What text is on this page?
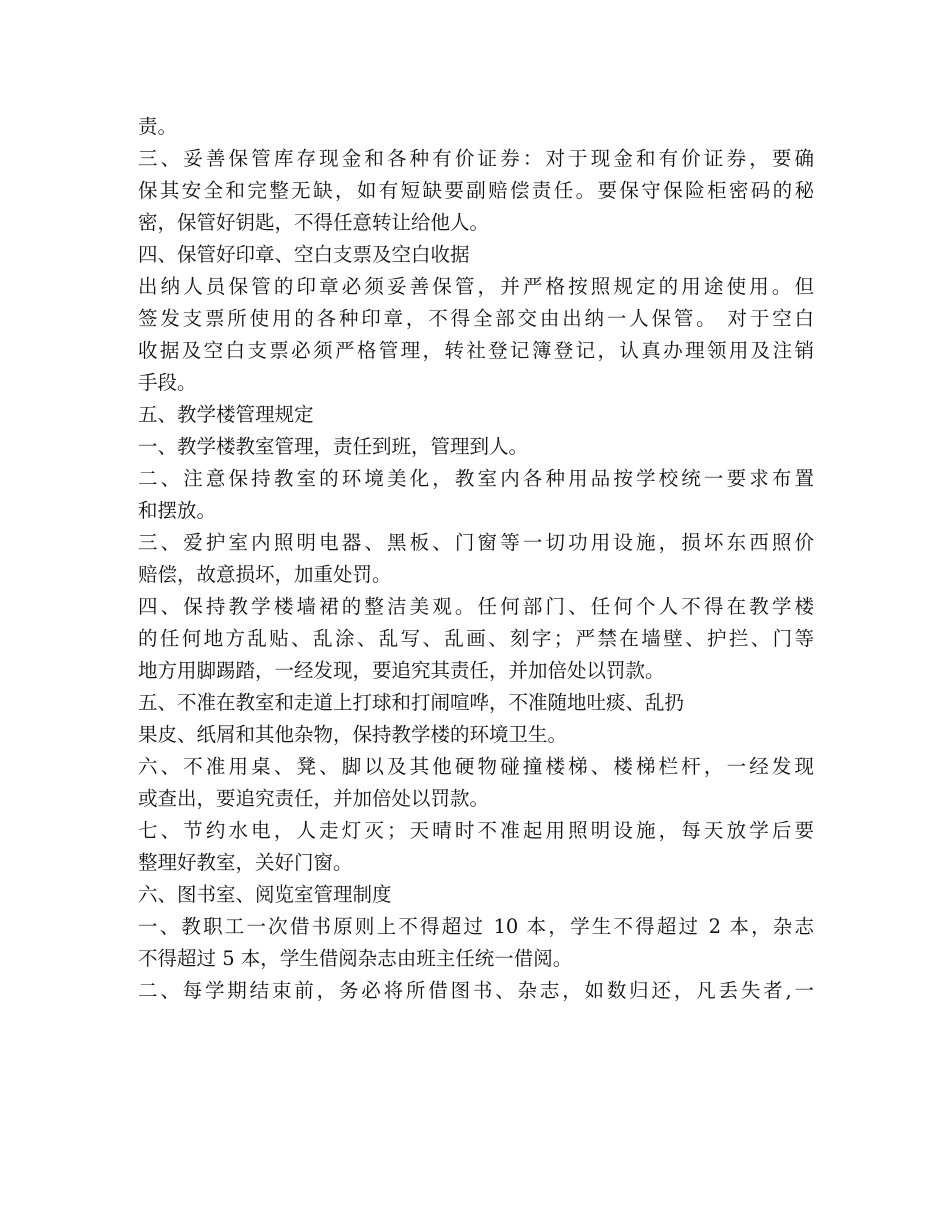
责。
三、妥善保管库存现金和各种有价证券：对于现金和有价证券，要确
保其安全和完整无缺，如有短缺要副赔偿责任。要保守保险柜密码的秘
密，保管好钥匙，不得任意转让给他人。
四、保管好印章、空白支票及空白收据
出纳人员保管的印章必须妥善保管，并严格按照规定的用途使用。但
签发支票所使用的各种印章，不得全部交由出纳一人保管。 对于空白
收据及空白支票必须严格管理，转社登记簿登记，认真办理领用及注销
手段。
五、教学楼管理规定
一、教学楼教室管理，责任到班，管理到人。
二、注意保持教室的环境美化，教室内各种用品按学校统一要求布置
和摆放。
三、爱护室内照明电器、黑板、门窗等一切功用设施，损坏东西照价
赔偿，故意损坏，加重处罚。
四、保持教学楼墙裙的整洁美观。任何部门、任何个人不得在教学楼
的任何地方乱贴、乱涂、乱写、乱画、刻字；严禁在墙壁、护拦、门等
地方用脚踢踏，一经发现，要追究其责任，并加倍处以罚款。
五、不准在教室和走道上打球和打闹喧哗，不准随地吐痰、乱扔
果皮、纸屑和其他杂物，保持教学楼的环境卫生。
六、不准用桌、凳、脚以及其他硬物碰撞楼梯、楼梯栏杆，一经发现
或查出，要追究责任，并加倍处以罚款。
七、节约水电，人走灯灭；天晴时不准起用照明设施，每天放学后要
整理好教室，关好门窗。
六、图书室、阅览室管理制度
一、教职工一次借书原则上不得超过 10 本，学生不得超过 2 本，杂志
不得超过 5 本，学生借阅杂志由班主任统一借阅。
二、每学期结束前，务必将所借图书、杂志，如数归还，凡丢失者,一
